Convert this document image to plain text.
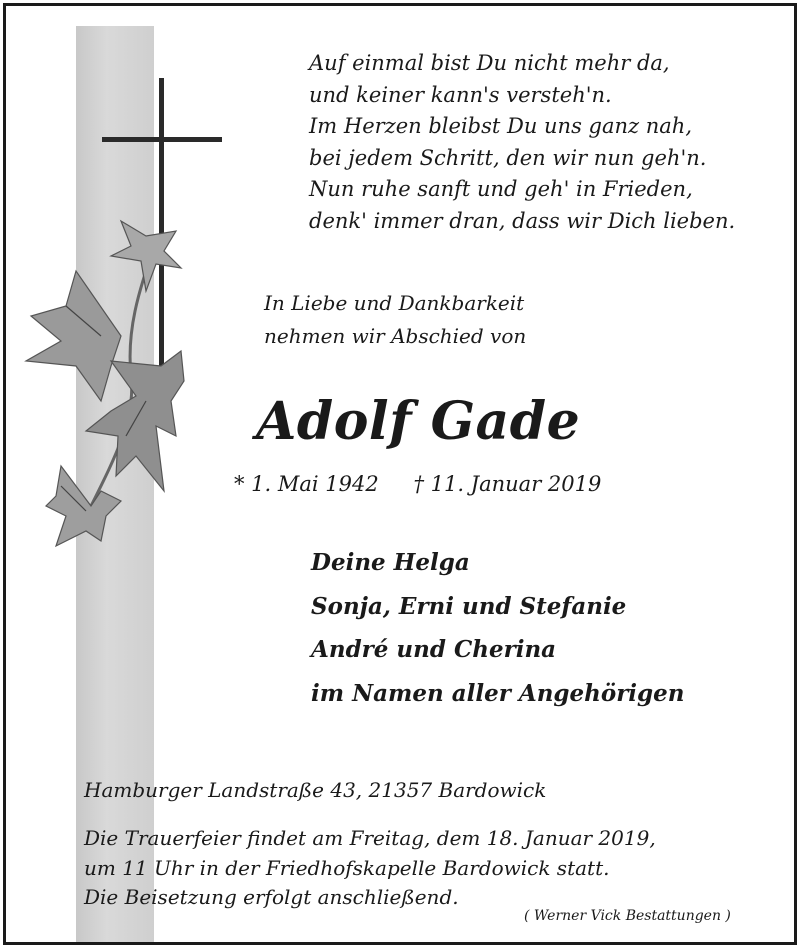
Auf einmal bist Du nicht mehr da,
und keiner kann's versteh'n.
Im Herzen bleibst Du uns ganz nah,
bei jedem Schritt, den wir nun geh'n.
Nun ruhe sanft und geh' in Frieden,
denk' immer dran, dass wir Dich lieben.
In Liebe und Dankbarkeit
nehmen wir Abschied von
Adolf Gade
* 1. Mai 1942 † 11. Januar 2019
Deine Helga
Sonja, Erni und Stefanie
André und Cherina
im Namen aller Angehörigen
Hamburger Landstraße 43, 21357 Bardowick
Die Trauerfeier findet am Freitag, dem 18. Januar 2019,
um 11 Uhr in der Friedhofskapelle Bardowick statt.
Die Beisetzung erfolgt anschließend.
( Werner Vick Bestattungen )
